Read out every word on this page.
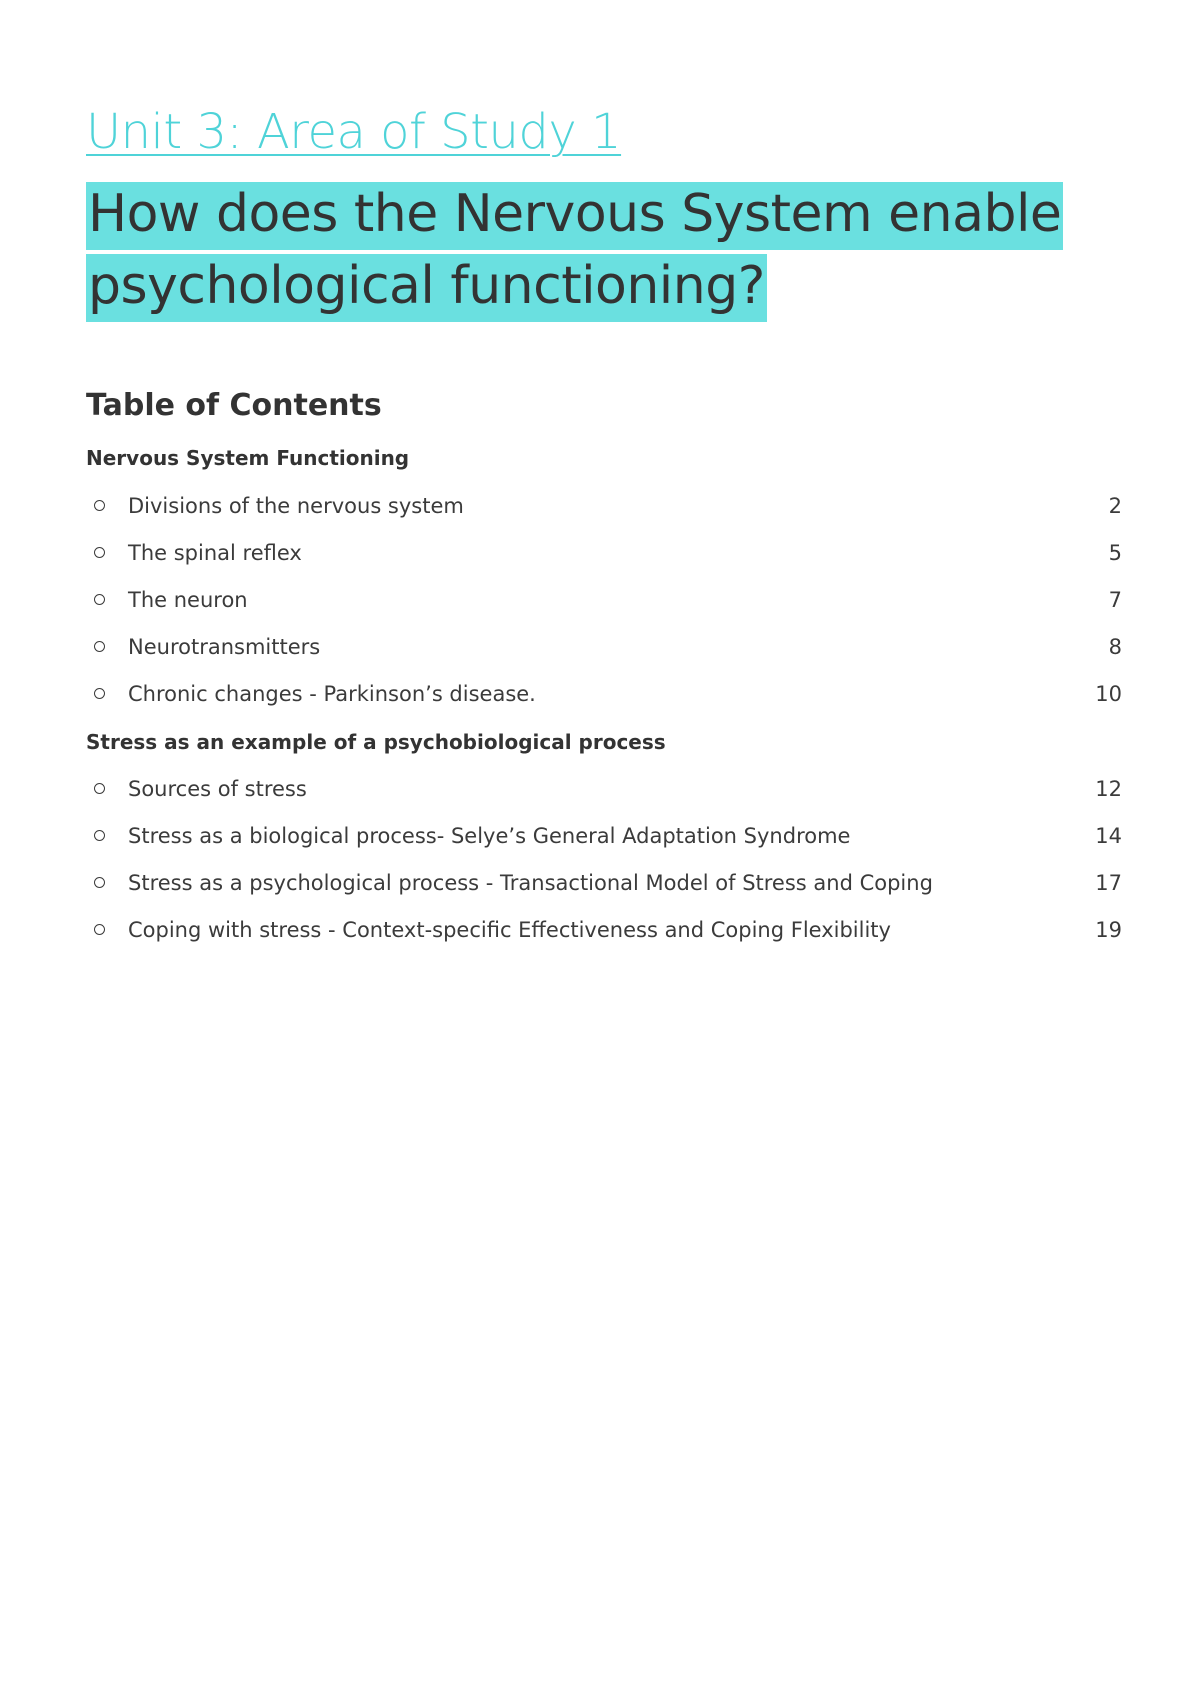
Unit 3: Area of Study 1
How does the Nervous System enable
psychological functioning?
Table of Contents
Nervous System Functioning
Divisions of the nervous system	2
The spinal reflex	5
The neuron	7
Neurotransmitters	8
Chronic changes - Parkinson’s disease.	10
Stress as an example of a psychobiological process
Sources of stress	12
Stress as a biological process- Selye’s General Adaptation Syndrome	14
Stress as a psychological process - Transactional Model of Stress and Coping	17
Coping with stress - Context-specific Effectiveness and Coping Flexibility	19
